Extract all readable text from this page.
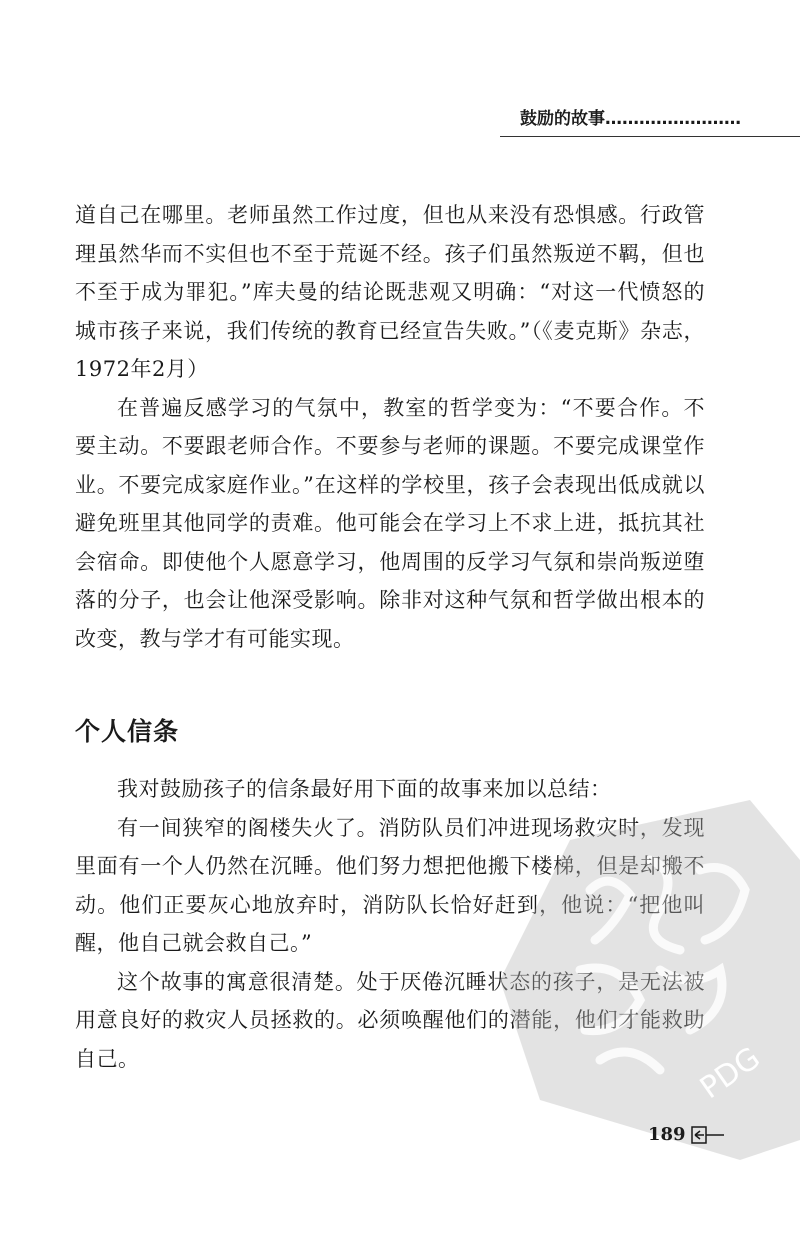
鼓励的故事……………………

道自己在哪里。老师虽然工作过度，但也从来没有恐惧感。行政管理虽然华而不实但也不至于荒诞不经。孩子们虽然叛逆不羁，但也不至于成为罪犯。”库夫曼的结论既悲观又明确：“对这一代愤怒的城市孩子来说，我们传统的教育已经宣告失败。”（《麦克斯》杂志，1972年2月）

在普遍反感学习的气氛中，教室的哲学变为：“不要合作。不要主动。不要跟老师合作。不要参与老师的课题。不要完成课堂作业。不要完成家庭作业。”在这样的学校里，孩子会表现出低成就以避免班里其他同学的责难。他可能会在学习上不求上进，抵抗其社会宿命。即使他个人愿意学习，他周围的反学习气氛和崇尚叛逆堕落的分子，也会让他深受影响。除非对这种气氛和哲学做出根本的改变，教与学才有可能实现。

个人信条

我对鼓励孩子的信条最好用下面的故事来加以总结：

有一间狭窄的阁楼失火了。消防队员们冲进现场救灾时，发现里面有一个人仍然在沉睡。他们努力想把他搬下楼梯，但是却搬不动。他们正要灰心地放弃时，消防队长恰好赶到，他说：“把他叫醒，他自己就会救自己。”

这个故事的寓意很清楚。处于厌倦沉睡状态的孩子，是无法被用意良好的救灾人员拯救的。必须唤醒他们的潜能，他们才能救助自己。	PDG
189
